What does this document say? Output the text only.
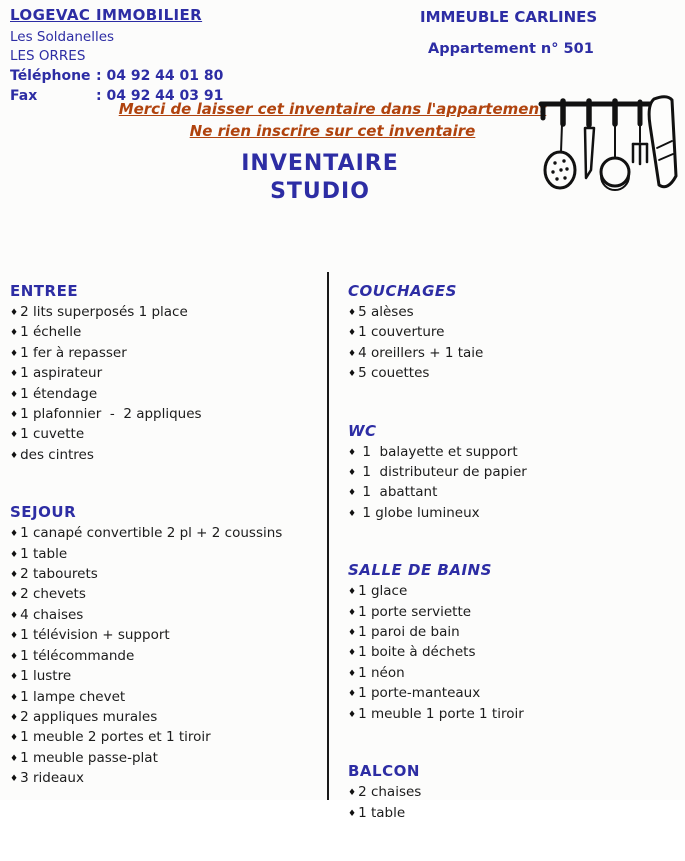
LOGEVAC IMMOBILIER
Les Soldanelles
LES ORRES
Téléphone : 04 92 44 01 80
Fax	: 04 92 44 03 91
IMMEUBLE CARLINES
Appartement n° 501
Merci de laisser cet inventaire dans l'appartement
Ne rien inscrire sur cet inventaire
INVENTAIRE
STUDIO
ENTREE
♦ 2 lits superposés 1 place
♦ 1 échelle
♦ 1 fer à repasser
♦ 1 aspirateur
♦ 1 étendage
♦ 1 plafonnier  -  2 appliques
♦ 1 cuvette
♦ des cintres
SEJOUR
♦ 1 canapé convertible 2 pl + 2 coussins
♦ 1 table
♦ 2 tabourets
♦ 2 chevets
♦ 4 chaises
♦ 1 télévision + support
♦ 1 télécommande
♦ 1 lustre
♦ 1 lampe chevet
♦ 2 appliques murales
♦ 1 meuble 2 portes et 1 tiroir
♦ 1 meuble passe-plat
♦ 3 rideaux
COUCHAGES
♦ 5 alèses
♦ 1 couverture
♦ 4 oreillers + 1 taie
♦ 5 couettes
WC
♦ 1  balayette et support
♦ 1  distributeur de papier
♦ 1  abattant
♦ 1 globe lumineux
SALLE DE BAINS
♦ 1 glace
♦ 1 porte serviette
♦ 1 paroi de bain
♦ 1 boite à déchets
♦ 1 néon
♦ 1 porte-manteaux
♦ 1 meuble 1 porte 1 tiroir
BALCON
♦ 2 chaises
♦ 1 table
